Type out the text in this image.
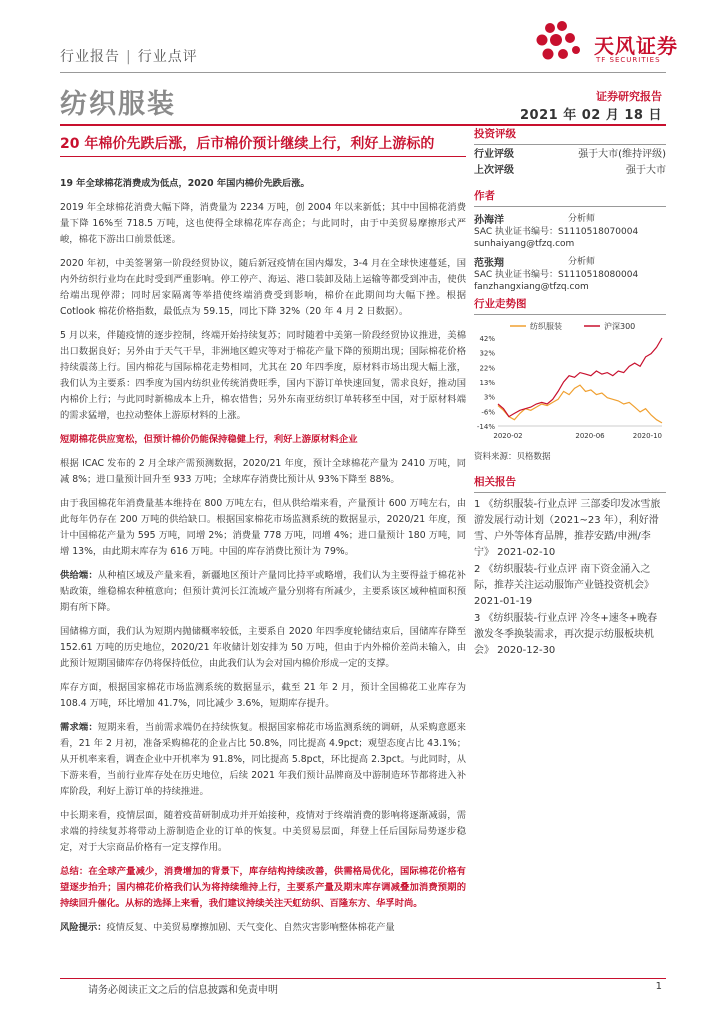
行业报告 | 行业点评	天风证券
TF SECURITIES
纺织服装	证券研究报告
2021 年 02 月 18 日
20 年棉价先跌后涨，后市棉价预计继续上行，利好上游标的
19 年全球棉花消费成为低点，2020 年国内棉价先跌后涨。

2019 年全球棉花消费大幅下降，消费量为 2234 万吨，创 2004 年以来新低；其中中国棉花消费量下降 16%至 718.5 万吨，这也使得全球棉花库存高企；与此同时，由于中美贸易摩擦形式严峻，棉花下游出口前景低迷。

2020 年初，中美签署第一阶段经贸协议，随后新冠疫情在国内爆发，3-4 月在全球快速蔓延，国内外纺织行业均在此时受到严重影响。停工停产、海运、港口装卸及陆上运输等都受到冲击，使供给端出现停滞；同时居家隔离等举措使终端消费受到影响，棉价在此期间均大幅下挫。根据 Cotlook 棉花价格指数，最低点为 59.15，同比下降 32%（20 年 4 月 2 日数据）。

5 月以来，伴随疫情的逐步控制，终端开始持续复苏；同时随着中美第一阶段经贸协议推进，美棉出口数据良好；另外由于天气干旱，非洲地区蝗灾等对于棉花产量下降的预期出现；国际棉花价格持续震荡上行。国内棉花与国际棉花走势相同，尤其在 20 年四季度，原材料市场出现大幅上涨，我们认为主要系：四季度为国内纺织业传统消费旺季，国内下游订单快速回复，需求良好，推动国内棉价上行；与此同时新棉成本上升，棉农惜售；另外东南亚纺织订单转移至中国，对于原材料端的需求猛增，也拉动整体上游原材料的上涨。

短期棉花供应宽松，但预计棉价仍能保持稳健上行，利好上游原材料企业

根据 ICAC 发布的 2 月全球产需预测数据，2020/21 年度，预计全球棉花产量为 2410 万吨，同减 8%；进口量预计回升至 933 万吨；全球库存消费比预计从 93%下降至 88%。

由于我国棉花年消费量基本维持在 800 万吨左右，但从供给端来看，产量预计 600 万吨左右，由此每年仍存在 200 万吨的供给缺口。根据国家棉花市场监测系统的数据显示，2020/21 年度，预计中国棉花产量为 595 万吨，同增 2%；消费量 778 万吨，同增 4%；进口量预计 180 万吨，同增 13%，由此期末库存为 616 万吨。中国的库存消费比预计为 79%。

供给端：从种植区域及产量来看，新疆地区预计产量同比持平或略增，我们认为主要得益于棉花补贴政策，维稳棉农种植意向；但预计黄河长江流域产量分别将有所减少，主要系该区域种植面积预期有所下降。

国储棉方面，我们认为短期内抛储概率较低，主要系自 2020 年四季度轮储结束后，国储库存降至 152.61 万吨的历史地位，2020/21 年收储计划安排为 50 万吨，但由于内外棉价差尚未输入，由此预计短期国储库存仍将保持低位，由此我们认为会对国内棉价形成一定的支撑。

库存方面，根据国家棉花市场监测系统的数据显示，截至 21 年 2 月，预计全国棉花工业库存为 108.4 万吨，环比增加 41.7%，同比减少 3.6%，短期库存提升。

需求端：短期来看，当前需求端仍在持续恢复。根据国家棉花市场监测系统的调研，从采购意愿来看，21 年 2 月初，准备采购棉花的企业占比 50.8%，同比提高 4.9pct；观望态度占比 43.1%；从开机率来看，调查企业中开机率为 91.8%，同比提高 5.8pct，环比提高 2.3pct。与此同时，从下游来看，当前行业库存处在历史地位，后续 2021 年我们预计品牌商及中游制造环节都将进入补库阶段，利好上游订单的持续推进。

中长期来看，疫情层面，随着疫苗研制成功并开始接种，疫情对于终端消费的影响将逐渐减弱，需求端的持续复苏将带动上游制造企业的订单的恢复。中美贸易层面，拜登上任后国际局势逐步稳定，对于大宗商品价格有一定支撑作用。

总结：在全球产量减少，消费增加的背景下，库存结构持续改善，供需格局优化，国际棉花价格有望逐步抬升；国内棉花价格我们认为将持续维持上行，主要系产量及期末库存调减叠加消费预期的持续回升催化。从标的选择上来看，我们建议持续关注天虹纺织、百隆东方、华孚时尚。

风险提示：疫情反复、中美贸易摩擦加剧、天气变化、自然灾害影响整体棉花产量

投资评级
行业评级	强于大市(维持评级)
上次评级	强于大市
作者
孙海洋	分析师
SAC 执业证书编号：S1110518070004
sunhaiyang@tfzq.com
范张翔	分析师
SAC 执业证书编号：S1110518080004
fanzhangxiang@tfzq.com
行业走势图
纺织服装	沪深300
42%
32%
22%
13%
3%
-6%
-14%
2020-02	2020-06	2020-10
资料来源：贝格数据
相关报告
1 《纺织服装-行业点评 三部委印发冰雪旅游发展行动计划（2021~23 年），利好滑雪、户外等体育品牌，推荐安踏/申洲/李宁》 2021-02-10
2 《纺织服装-行业点评 南下资金涌入之际，推荐关注运动服饰产业链投资机会》 2021-01-19
3 《纺织服装-行业点评 冷冬+速冬+晚春激发冬季换装需求，再次提示纺服板块机会》 2020-12-30
请务必阅读正文之后的信息披露和免责申明	1
